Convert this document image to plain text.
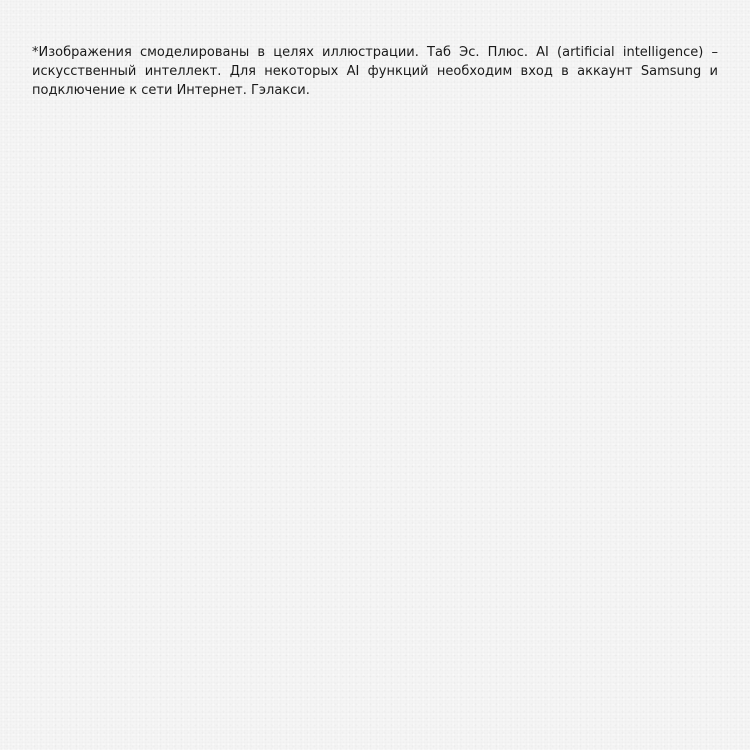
*Изображения смоделированы в целях иллюстрации. Таб Эс. Плюс. AI (artificial intelligence) – искусственный интеллект. Для некоторых AI функций необходим вход в аккаунт Samsung и подключение к сети Интернет. Гэлакси.
